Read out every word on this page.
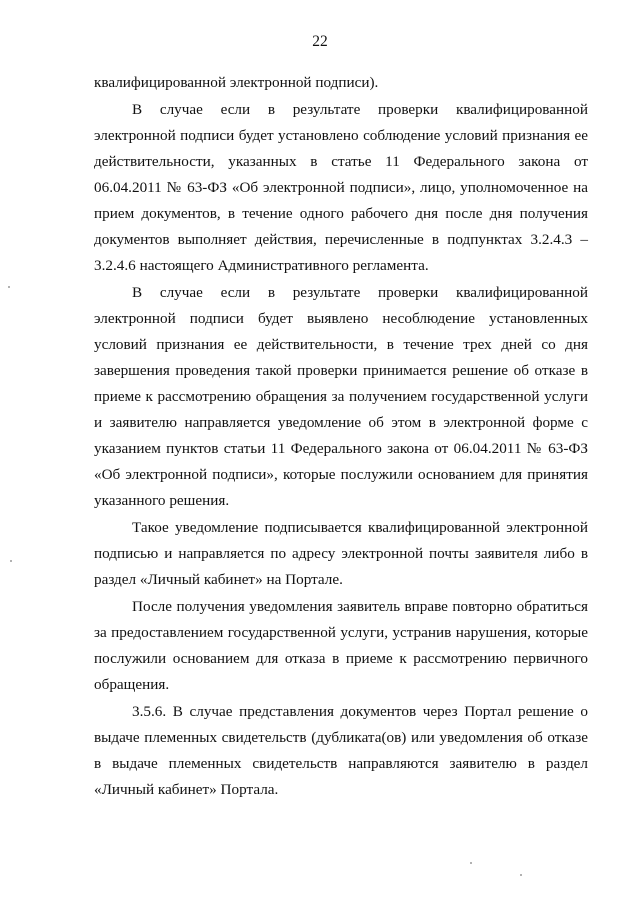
22

квалифицированной электронной подписи).

В случае если в результате проверки квалифицированной электронной подписи будет установлено соблюдение условий признания ее действительности, указанных в статье 11 Федерального закона от 06.04.2011 № 63-ФЗ «Об электронной подписи», лицо, уполномоченное на прием документов, в течение одного рабочего дня после дня получения документов выполняет действия, перечисленные в подпунктах 3.2.4.3 –3.2.4.6 настоящего Административного регламента.

В случае если в результате проверки квалифицированной электронной подписи будет выявлено несоблюдение установленных условий признания ее действительности, в течение трех дней со дня завершения проведения такой проверки принимается решение об отказе в приеме к рассмотрению обращения за получением государственной услуги и заявителю направляется уведомление об этом в электронной форме с указанием пунктов статьи 11 Федерального закона от 06.04.2011 № 63-ФЗ «Об электронной подписи», которые послужили основанием для принятия указанного решения.

Такое уведомление подписывается квалифицированной электронной подписью и направляется по адресу электронной почты заявителя либо в раздел «Личный кабинет» на Портале.

После получения уведомления заявитель вправе повторно обратиться за предоставлением государственной услуги, устранив нарушения, которые послужили основанием для отказа в приеме к рассмотрению первичного обращения.

3.5.6. В случае представления документов через Портал решение о выдаче племенных свидетельств (дубликата(ов) или уведомления об отказе в выдаче племенных свидетельств направляются заявителю в раздел «Личный кабинет» Портала.
